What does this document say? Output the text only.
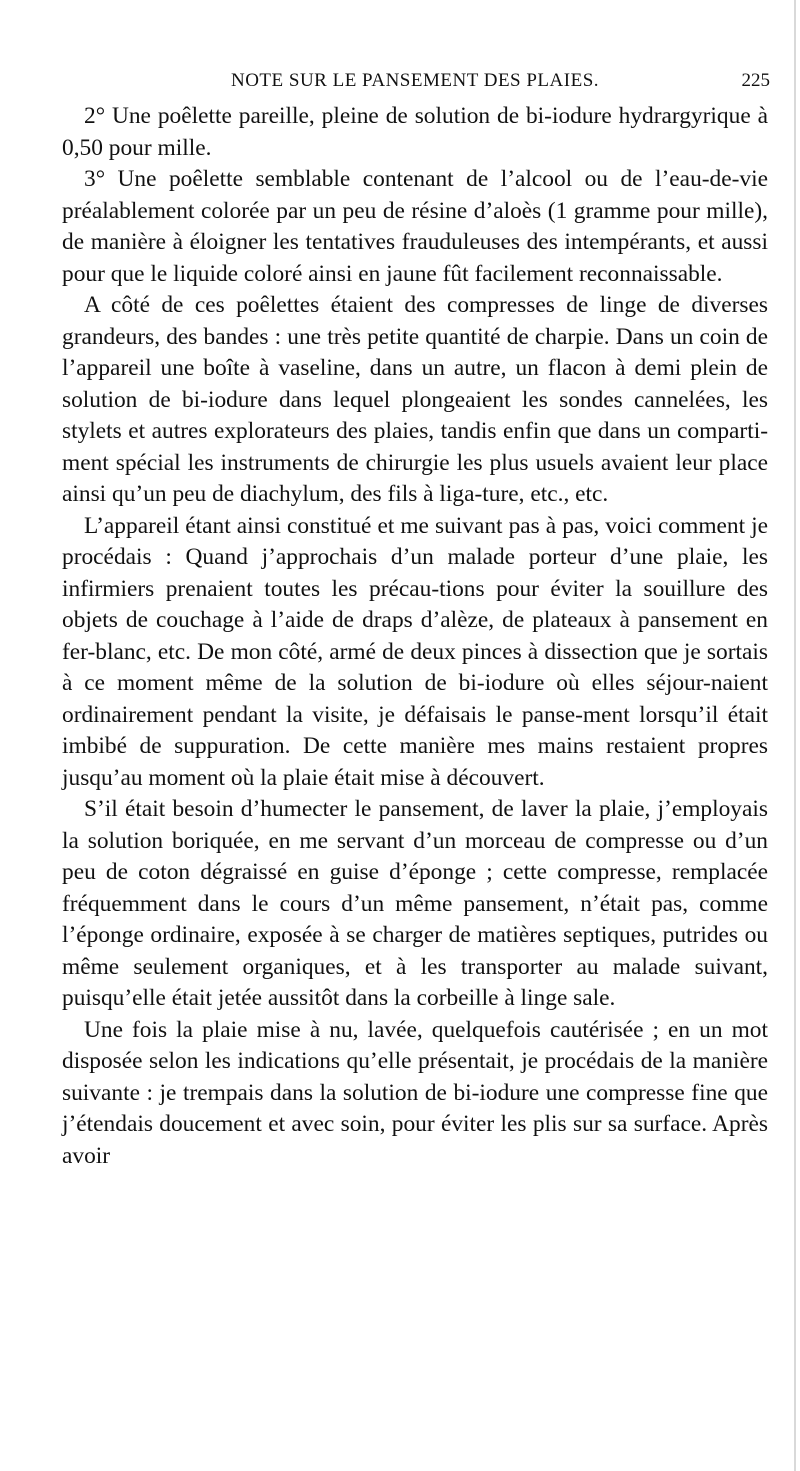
NOTE SUR LE PANSEMENT DES PLAIES.	225

2° Une poêlette pareille, pleine de solution de bi-iodure hydrargyrique à 0,50 pour mille.

3° Une poêlette semblable contenant de l’alcool ou de l’eau-de-vie préalablement colorée par un peu de résine d’aloès (1 gramme pour mille), de manière à éloigner les tentatives frauduleuses des intempérants, et aussi pour que le liquide coloré ainsi en jaune fût facilement reconnaissable.

A côté de ces poêlettes étaient des compresses de linge de diverses grandeurs, des bandes : une très petite quantité de charpie. Dans un coin de l’appareil une boîte à vaseline, dans un autre, un flacon à demi plein de solution de bi-iodure dans lequel plongeaient les sondes cannelées, les stylets et autres explorateurs des plaies, tandis enfin que dans un comparti-ment spécial les instruments de chirurgie les plus usuels avaient leur place ainsi qu’un peu de diachylum, des fils à liga-ture, etc., etc.

L’appareil étant ainsi constitué et me suivant pas à pas, voici comment je procédais : Quand j’approchais d’un malade porteur d’une plaie, les infirmiers prenaient toutes les précau-tions pour éviter la souillure des objets de couchage à l’aide de draps d’alèze, de plateaux à pansement en fer-blanc, etc. De mon côté, armé de deux pinces à dissection que je sortais à ce moment même de la solution de bi-iodure où elles séjour-naient ordinairement pendant la visite, je défaisais le panse-ment lorsqu’il était imbibé de suppuration. De cette manière mes mains restaient propres jusqu’au moment où la plaie était mise à découvert.

S’il était besoin d’humecter le pansement, de laver la plaie, j’employais la solution boriquée, en me servant d’un morceau de compresse ou d’un peu de coton dégraissé en guise d’éponge ; cette compresse, remplacée fréquemment dans le cours d’un même pansement, n’était pas, comme l’éponge ordinaire, exposée à se charger de matières septiques, putrides ou même seulement organiques, et à les transporter au malade suivant, puisqu’elle était jetée aussitôt dans la corbeille à linge sale.

Une fois la plaie mise à nu, lavée, quelquefois cautérisée ; en un mot disposée selon les indications qu’elle présentait, je procédais de la manière suivante : je trempais dans la solution de bi-iodure une compresse fine que j’étendais doucement et avec soin, pour éviter les plis sur sa surface. Après avoir
